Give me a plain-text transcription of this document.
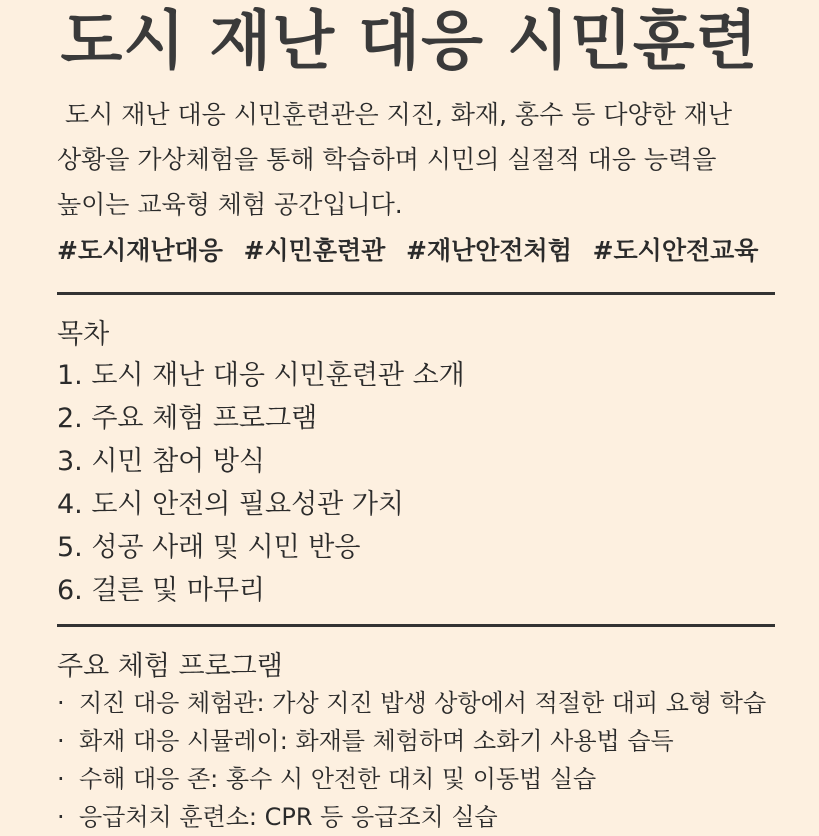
도시 재난 대응 시민훈련
도시 재난 대응 시민훈련관은 지진, 화재, 홍수 등 다양한 재난
상황을 가상체험을 통해 학습하며 시민의 실절적 대응 능력을
높이는 교육형 체험 공간입니다.
#도시재난대응 #시민훈련관 #재난안전처험 #도시안전교육
목차
1. 도시 재난 대응 시민훈련관 소개
2. 주요 체험 프로그램
3. 시민 참어 방식
4. 도시 안전의 필요성관 가치
5. 성공 사래 및 시민 반응
6. 걸른 및 마무리
주요 체험 프로그램
· 지진 대응 체험관: 가상 지진 밥생 상항에서 적절한 대피 요형 학습
· 화재 대응 시뮬레이: 화재를 체험하며 소화기 사용법 습득
· 수해 대응 존: 홍수 시 안전한 대치 및 이동법 실습
· 응급처치 훈련소: CPR 등 응급조치 실습
